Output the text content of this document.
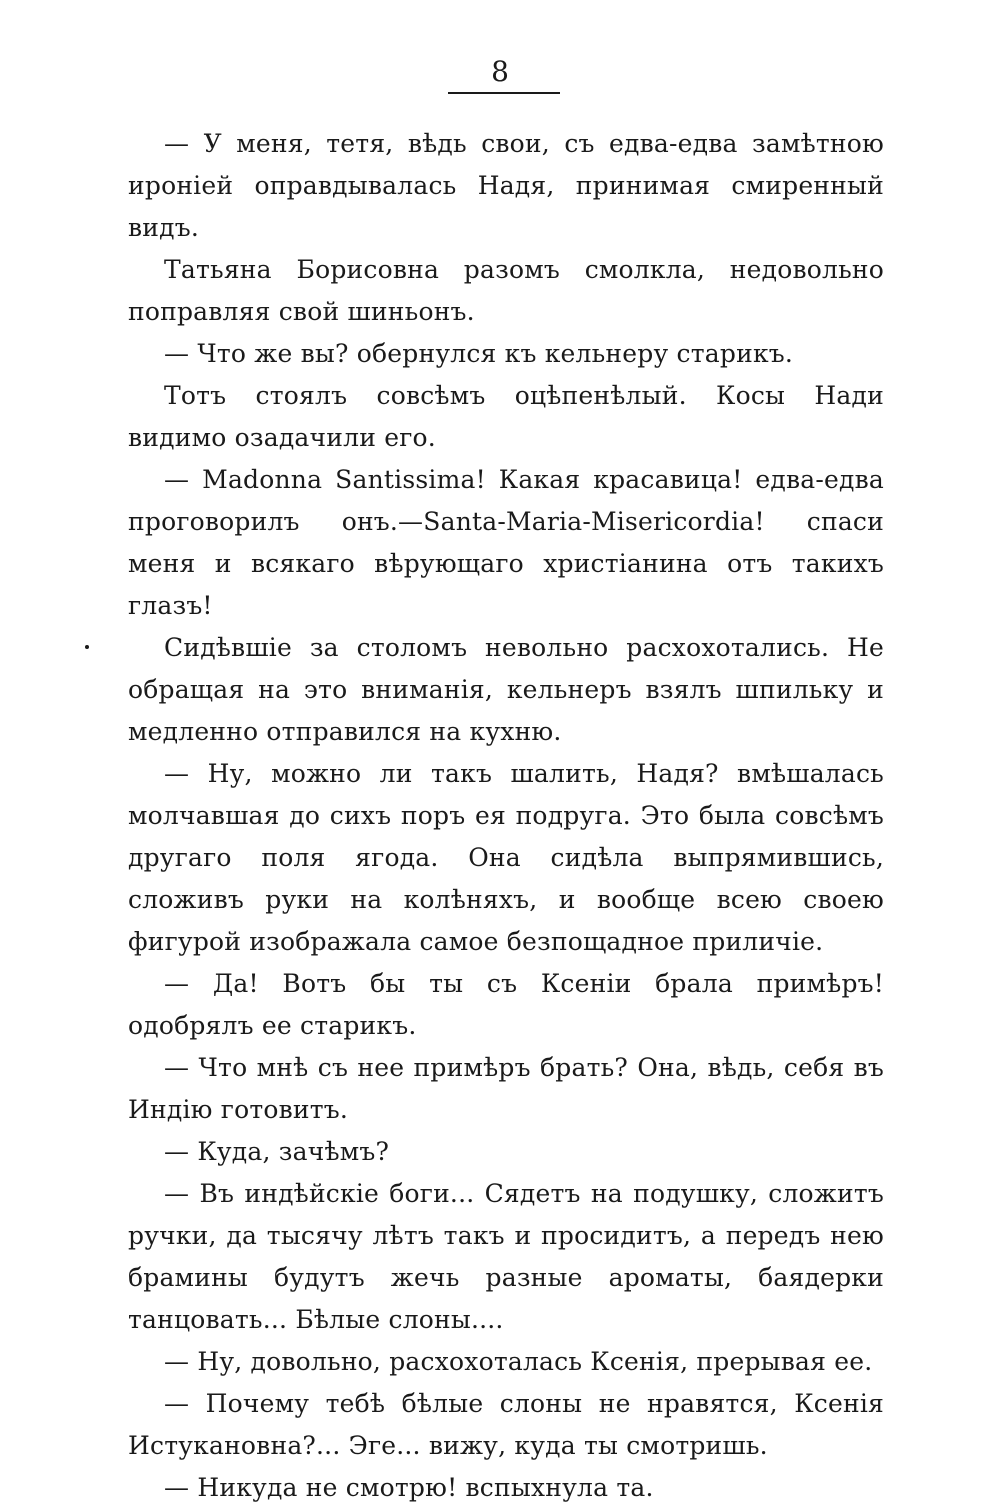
8

— У меня, тетя, вѣдь свои, съ едва-едва замѣтною ироніей оправдывалась Надя, принимая смиренный видъ.

Татьяна Борисовна разомъ смолкла, недовольно поправляя свой шиньонъ.

— Что же вы? обернулся къ кельнеру старикъ.

Тотъ стоялъ совсѣмъ оцѣпенѣлый. Косы Нади видимо озадачили его.

— Madonna Santissima! Какая красавица! едва-едва проговорилъ онъ.—Santa-Maria-Misericordia! спаси меня и всякаго вѣрующаго христіанина отъ такихъ глазъ!

Сидѣвшіе за столомъ невольно расхохотались. Не обращая на это вниманія, кельнеръ взялъ шпильку и медленно отправился на кухню.

— Ну, можно ли такъ шалить, Надя? вмѣшалась молчавшая до сихъ поръ ея подруга. Это была совсѣмъ другаго поля ягода. Она сидѣла выпрямившись, сложивъ руки на колѣняхъ, и вообще всею своею фигурой изображала самое безпощадное приличіе.

— Да! Вотъ бы ты съ Ксеніи брала примѣръ! одобрялъ ее старикъ.

— Что мнѣ съ нее примѣръ брать? Она, вѣдь, себя въ Индію готовитъ.

— Куда, зачѣмъ?

— Въ индѣйскіе боги... Сядетъ на подушку, сложитъ ручки, да тысячу лѣтъ такъ и просидитъ, а передъ нею брамины будутъ жечь разные ароматы, баядерки танцовать... Бѣлые слоны....

— Ну, довольно, расхохоталась Ксенія, прерывая ее.

— Почему тебѣ бѣлые слоны не нравятся, Ксенія Истукановна?... Эге... вижу, куда ты смотришь.

— Никуда не смотрю! вспыхнула та.
